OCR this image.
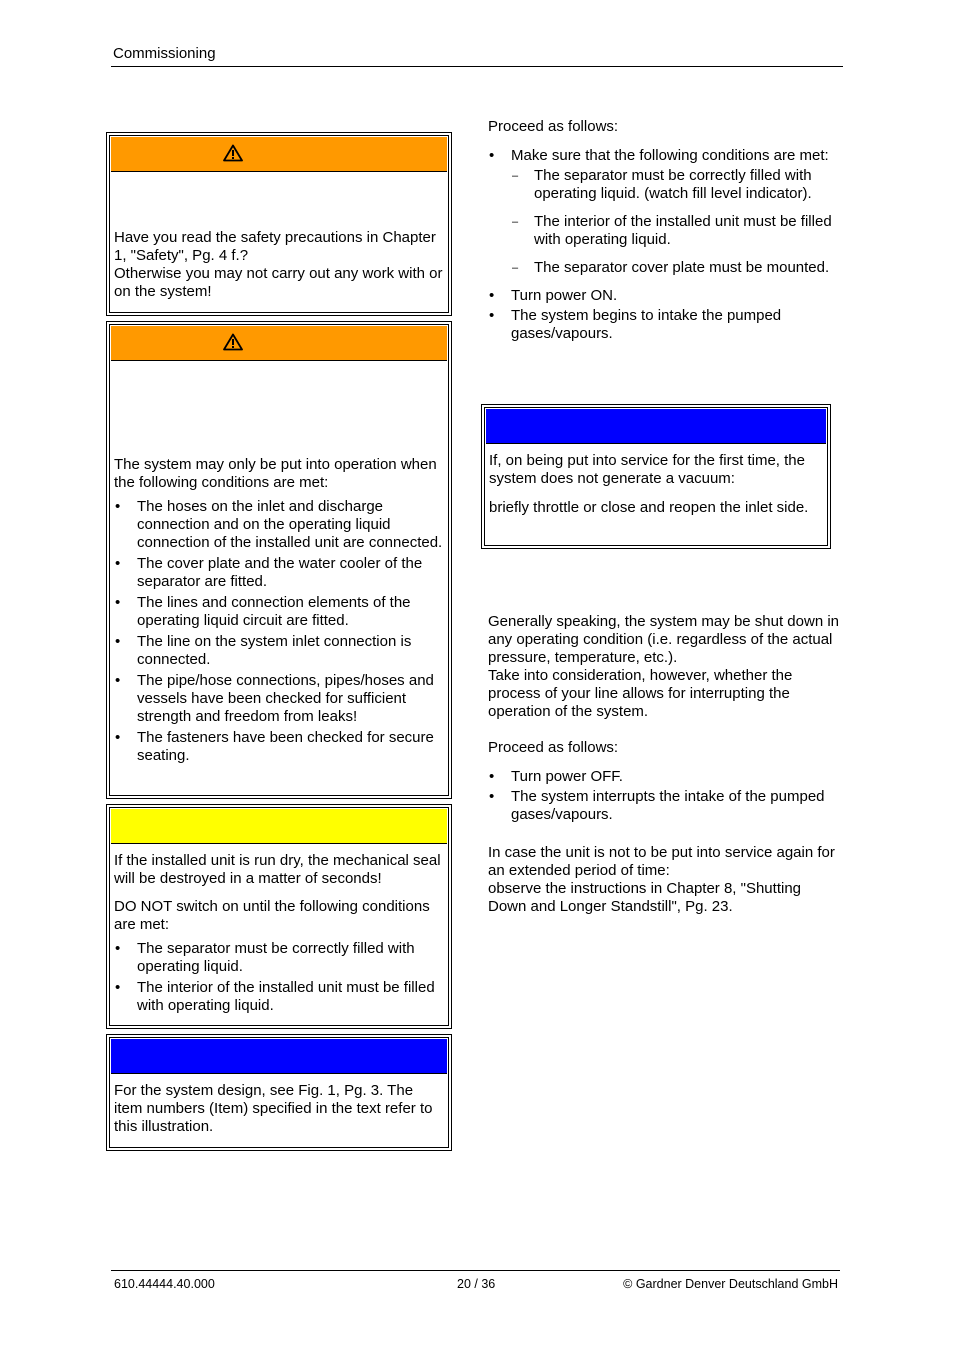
Commissioning

Have you read the safety precautions in Chapter 1, "Safety", Pg. 4 f.?

Otherwise you may not carry out any work with or on the system!

The system may only be put into operation when the following conditions are met:

• The hoses on the inlet and discharge connection and on the operating liquid connection of the installed unit are connected.
• The cover plate and the water cooler of the separator are fitted.
• The lines and connection elements of the operating liquid circuit are fitted.
• The line on the system inlet connection is connected.
• The pipe/hose connections, pipes/hoses and vessels have been checked for sufficient strength and freedom from leaks!
• The fasteners have been checked for secure seating.

If the installed unit is run dry, the mechanical seal will be destroyed in a matter of seconds!

DO NOT switch on until the following conditions are met:

• The separator must be correctly filled with operating liquid.
• The interior of the installed unit must be filled with operating liquid.

For the system design, see Fig. 1, Pg. 3. The item numbers (Item) specified in the text refer to this illustration.

Proceed as follows:

• Make sure that the following conditions are met:
– The separator must be correctly filled with operating liquid. (watch fill level indicator).
– The interior of the installed unit must be filled with operating liquid.
– The separator cover plate must be mounted.
• Turn power ON.
• The system begins to intake the pumped gases/vapours.

If, on being put into service for the first time, the system does not generate a vacuum:

briefly throttle or close and reopen the inlet side.

Generally speaking, the system may be shut down in any operating condition (i.e. regardless of the actual pressure, temperature, etc.).

Take into consideration, however, whether the process of your line allows for interrupting the operation of the system.

Proceed as follows:

• Turn power OFF.
• The system interrupts the intake of the pumped gases/vapours.

In case the unit is not to be put into service again for an extended period of time:

observe the instructions in Chapter 8, "Shutting Down and Longer Standstill", Pg. 23.

610.44444.40.000	20 / 36	© Gardner Denver Deutschland GmbH
